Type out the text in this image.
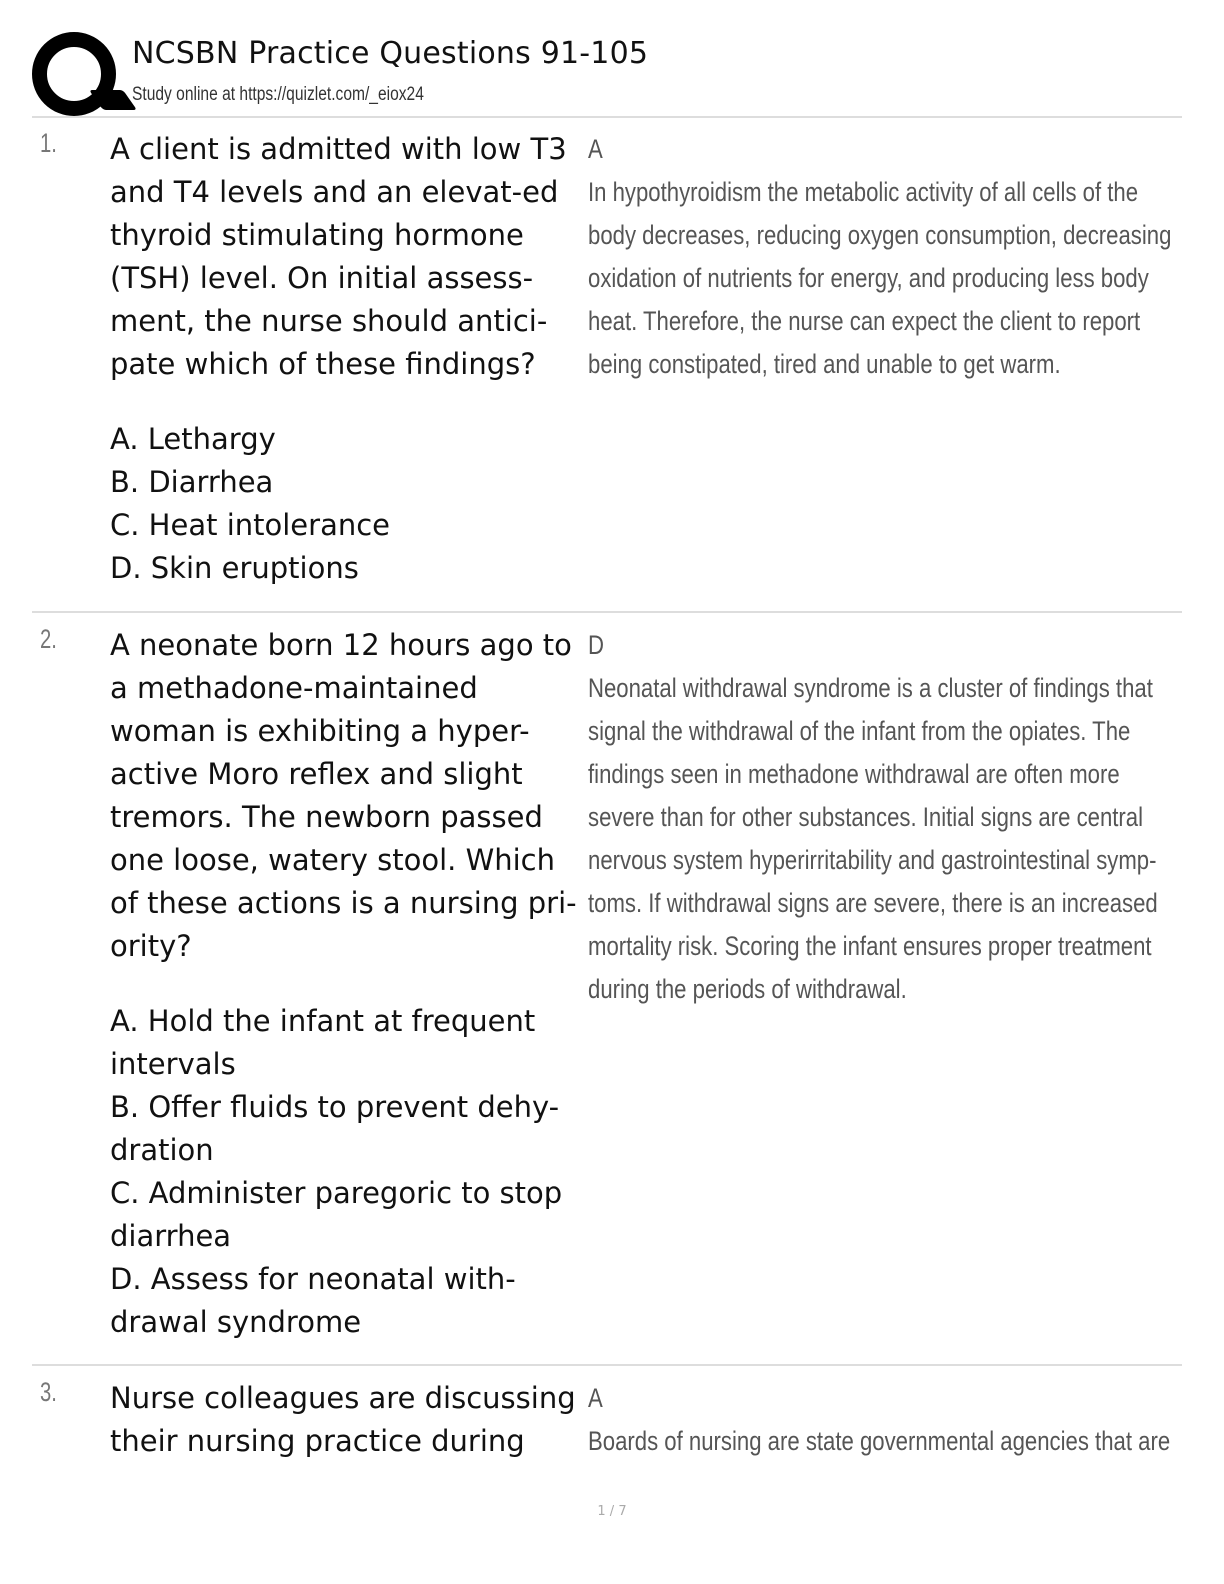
NCSBN Practice Questions 91-105
Study online at https://quizlet.com/_eiox24
1. A client is admitted with low T3 and T4 levels and an elevat-ed thyroid stimulating hormone (TSH) level. On initial assess-ment, the nurse should antici-pate which of these findings?
A. Lethargy
B. Diarrhea
C. Heat intolerance
D. Skin eruptions
A
In hypothyroidism the metabolic activity of all cells of the body decreases, reducing oxygen consumption, decreasing oxidation of nutrients for energy, and producing less body heat. Therefore, the nurse can expect the client to report being constipated, tired and unable to get warm.
2. A neonate born 12 hours ago to a methadone-maintained woman is exhibiting a hyper-active Moro reflex and slight tremors. The newborn passed one loose, watery stool. Which of these actions is a nursing pri-ority?
A. Hold the infant at frequent intervals
B. Offer fluids to prevent dehy-dration
C. Administer paregoric to stop diarrhea
D. Assess for neonatal with-drawal syndrome
D
Neonatal withdrawal syndrome is a cluster of findings that signal the withdrawal of the infant from the opiates. The findings seen in methadone withdrawal are often more severe than for other substances. Initial signs are central nervous system hyperirritability and gastrointestinal symp-toms. If withdrawal signs are severe, there is an increased mortality risk. Scoring the infant ensures proper treatment during the periods of withdrawal.
3. Nurse colleagues are discussing their nursing practice during
A
Boards of nursing are state governmental agencies that are
1 / 7
